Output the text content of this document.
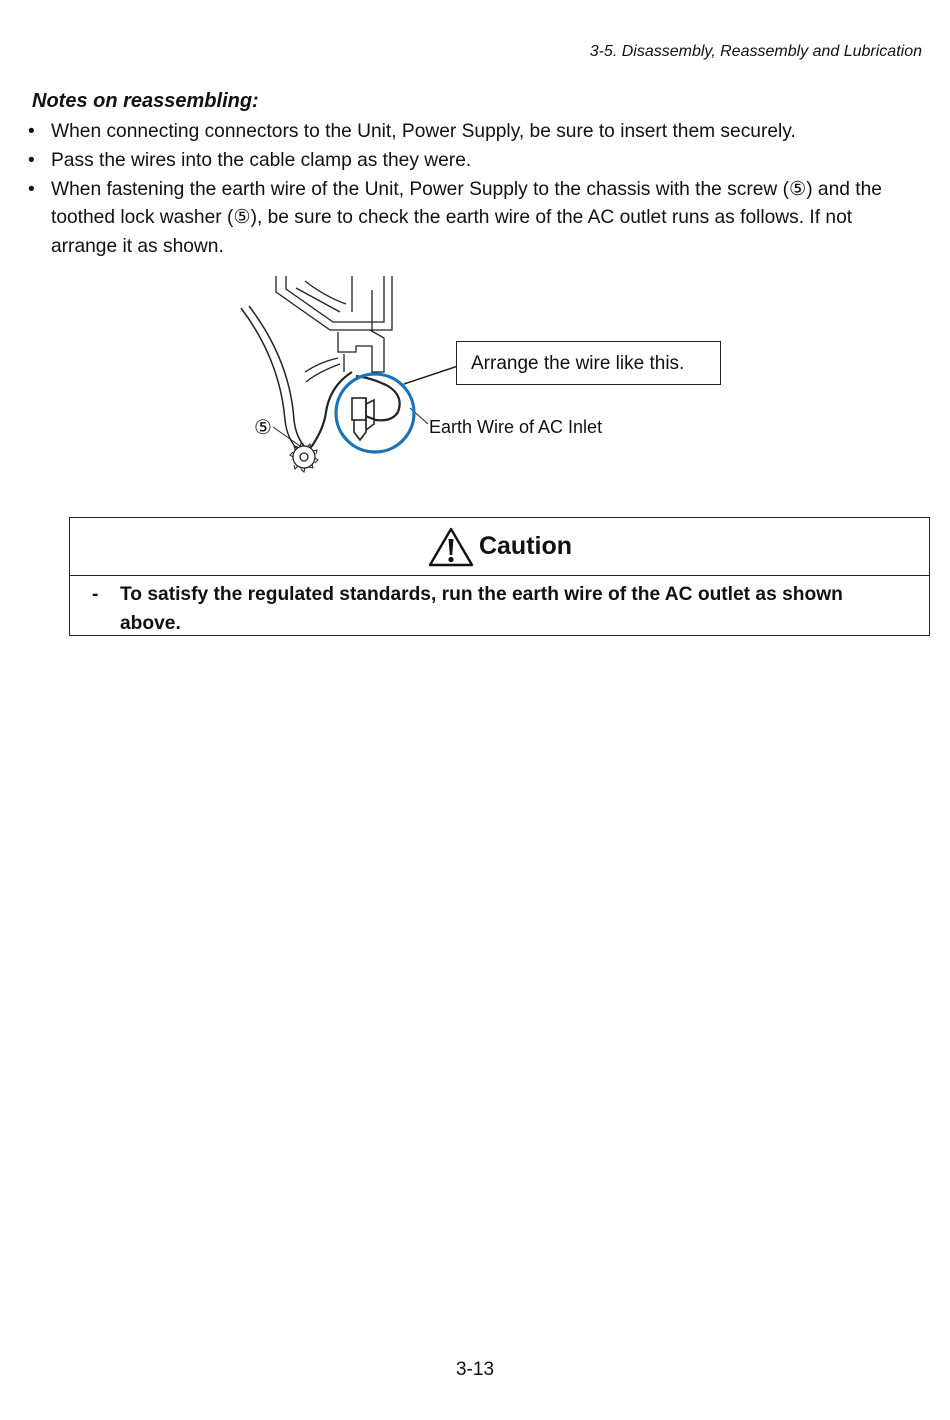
3-5. Disassembly, Reassembly and Lubrication
Notes on reassembling:
• When connecting connectors to the Unit, Power Supply, be sure to insert them securely.
• Pass the wires into the cable clamp as they were.
• When fastening the earth wire of the Unit, Power Supply to the chassis with the screw (⑤) and the toothed lock washer (⑤), be sure to check the earth wire of the AC outlet runs as follows. If not arrange it as shown.
Arrange the wire like this.
Earth Wire of AC Inlet
⑤
Caution
- To satisfy the regulated standards, run the earth wire of the AC outlet as shown above.
3-13
